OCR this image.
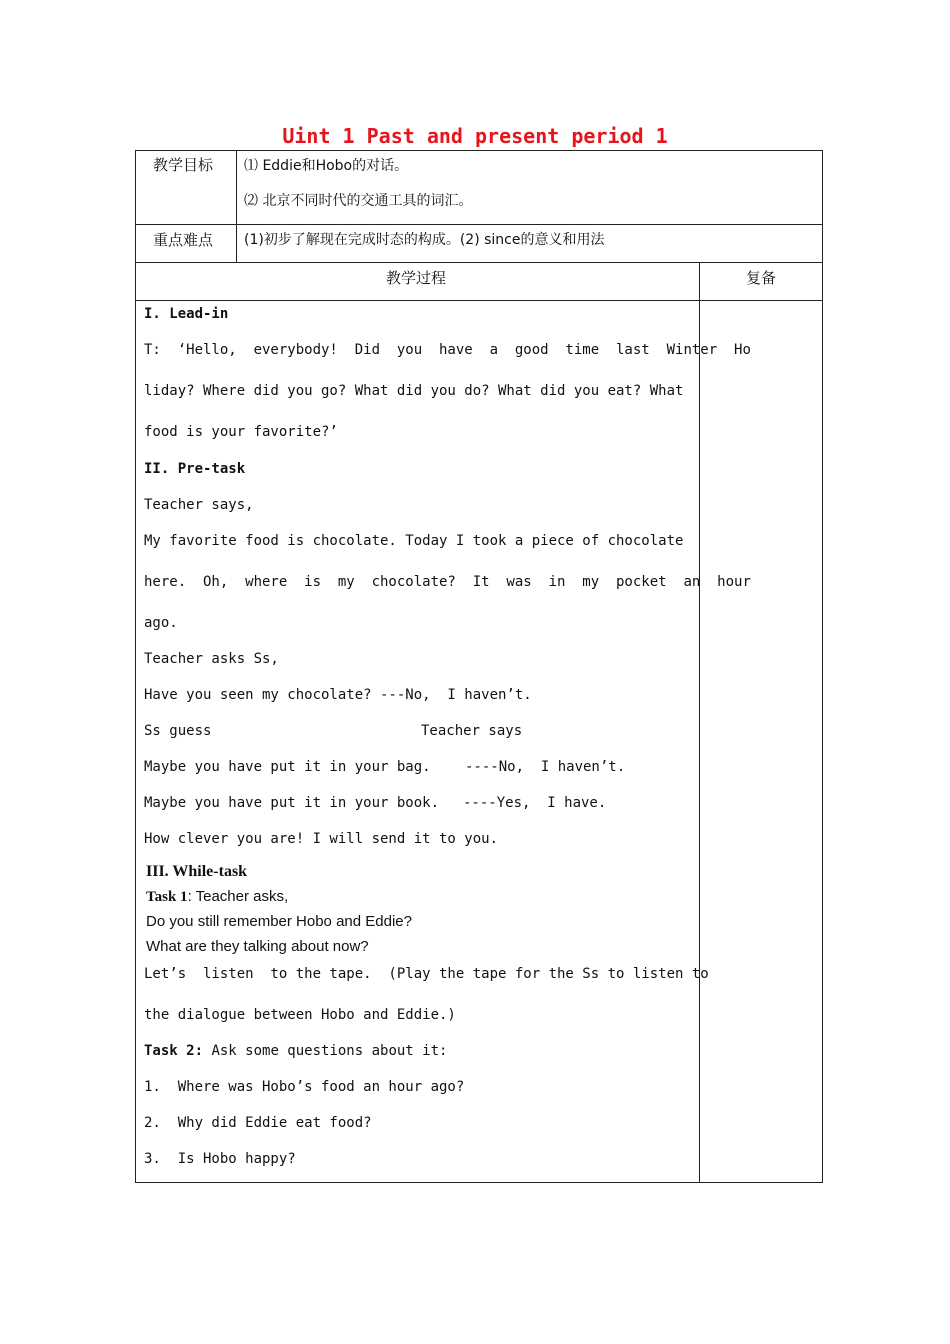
Uint 1 Past and present period 1
教学目标 ⑴ Eddie和Hobo的对话。
⑵ 北京不同时代的交通工具的词汇。
重点难点 (1)初步了解现在完成时态的构成。(2) since的意义和用法
教学过程	复备
I. Lead-in
T:  ‘Hello,  everybody!  Did  you  have  a  good  time  last  Winter  Ho
liday? Where did you go? What did you do? What did you eat? What
food is your favorite?’
II. Pre-task
Teacher says,
My favorite food is chocolate. Today I took a piece of chocolate
here.  Oh,  where  is  my  chocolate?  It  was  in  my  pocket  an  hour
ago.
Teacher asks Ss,
Have you seen my chocolate? ---No,  I haven’t.
Ss guess	Teacher says
Maybe you have put it in your bag. ----No,  I haven’t.
Maybe you have put it in your book. ----Yes,  I have.
How clever you are! I will send it to you.
III. While-task
Task 1: Teacher asks,
Do you still remember Hobo and Eddie?
What are they talking about now?
Let’s  listen  to the tape.  (Play the tape for the Ss to listen to
the dialogue between Hobo and Eddie.)
Task 2: Ask some questions about it:
1.  Where was Hobo’s food an hour ago?
2.  Why did Eddie eat food?
3.  Is Hobo happy?
